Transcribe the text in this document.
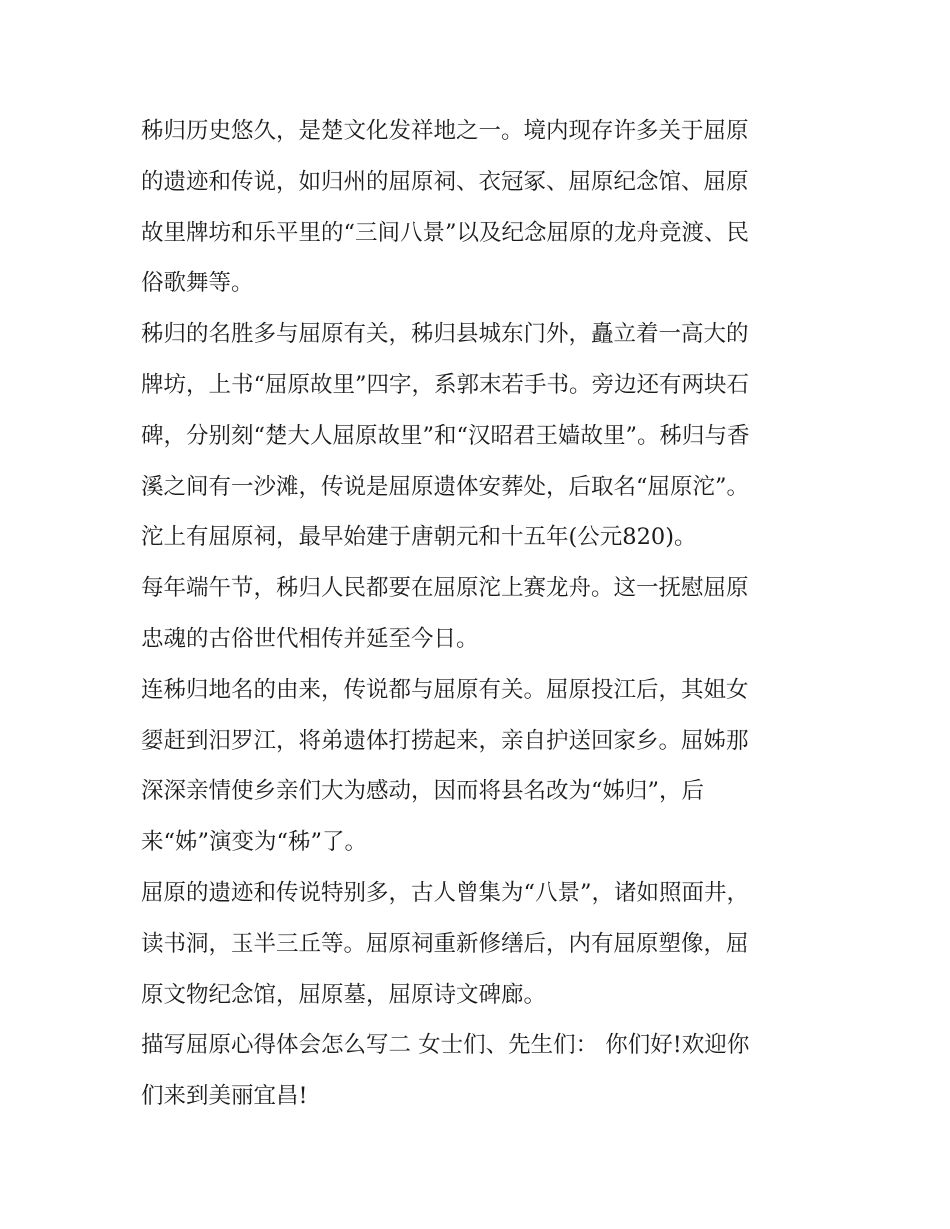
秭归历史悠久，是楚文化发祥地之一。境内现存许多关于屈原
的遗迹和传说，如归州的屈原祠、衣冠冢、屈原纪念馆、屈原
故里牌坊和乐平里的“三间八景”以及纪念屈原的龙舟竞渡、民
俗歌舞等。

秭归的名胜多与屈原有关，秭归县城东门外，矗立着一高大的
牌坊，上书“屈原故里”四字，系郭末若手书。旁边还有两块石
碑，分别刻“楚大人屈原故里”和“汉昭君王嫱故里”。秭归与香
溪之间有一沙滩，传说是屈原遗体安葬处，后取名“屈原沱”。
沱上有屈原祠，最早始建于唐朝元和十五年(公元820)。

每年端午节，秭归人民都要在屈原沱上赛龙舟。这一抚慰屈原
忠魂的古俗世代相传并延至今日。

连秭归地名的由来，传说都与屈原有关。屈原投江后，其姐女
媭赶到汨罗江，将弟遗体打捞起来，亲自护送回家乡。屈姊那
深深亲情使乡亲们大为感动，因而将县名改为“姊归”，后
来“姊”演变为“秭”了。

屈原的遗迹和传说特别多，古人曾集为“八景”，诸如照面井，
读书洞，玉半三丘等。屈原祠重新修缮后，内有屈原塑像，屈
原文物纪念馆，屈原墓，屈原诗文碑廊。

描写屈原心得体会怎么写二 女士们、先生们： 你们好!欢迎你
们来到美丽宜昌!
